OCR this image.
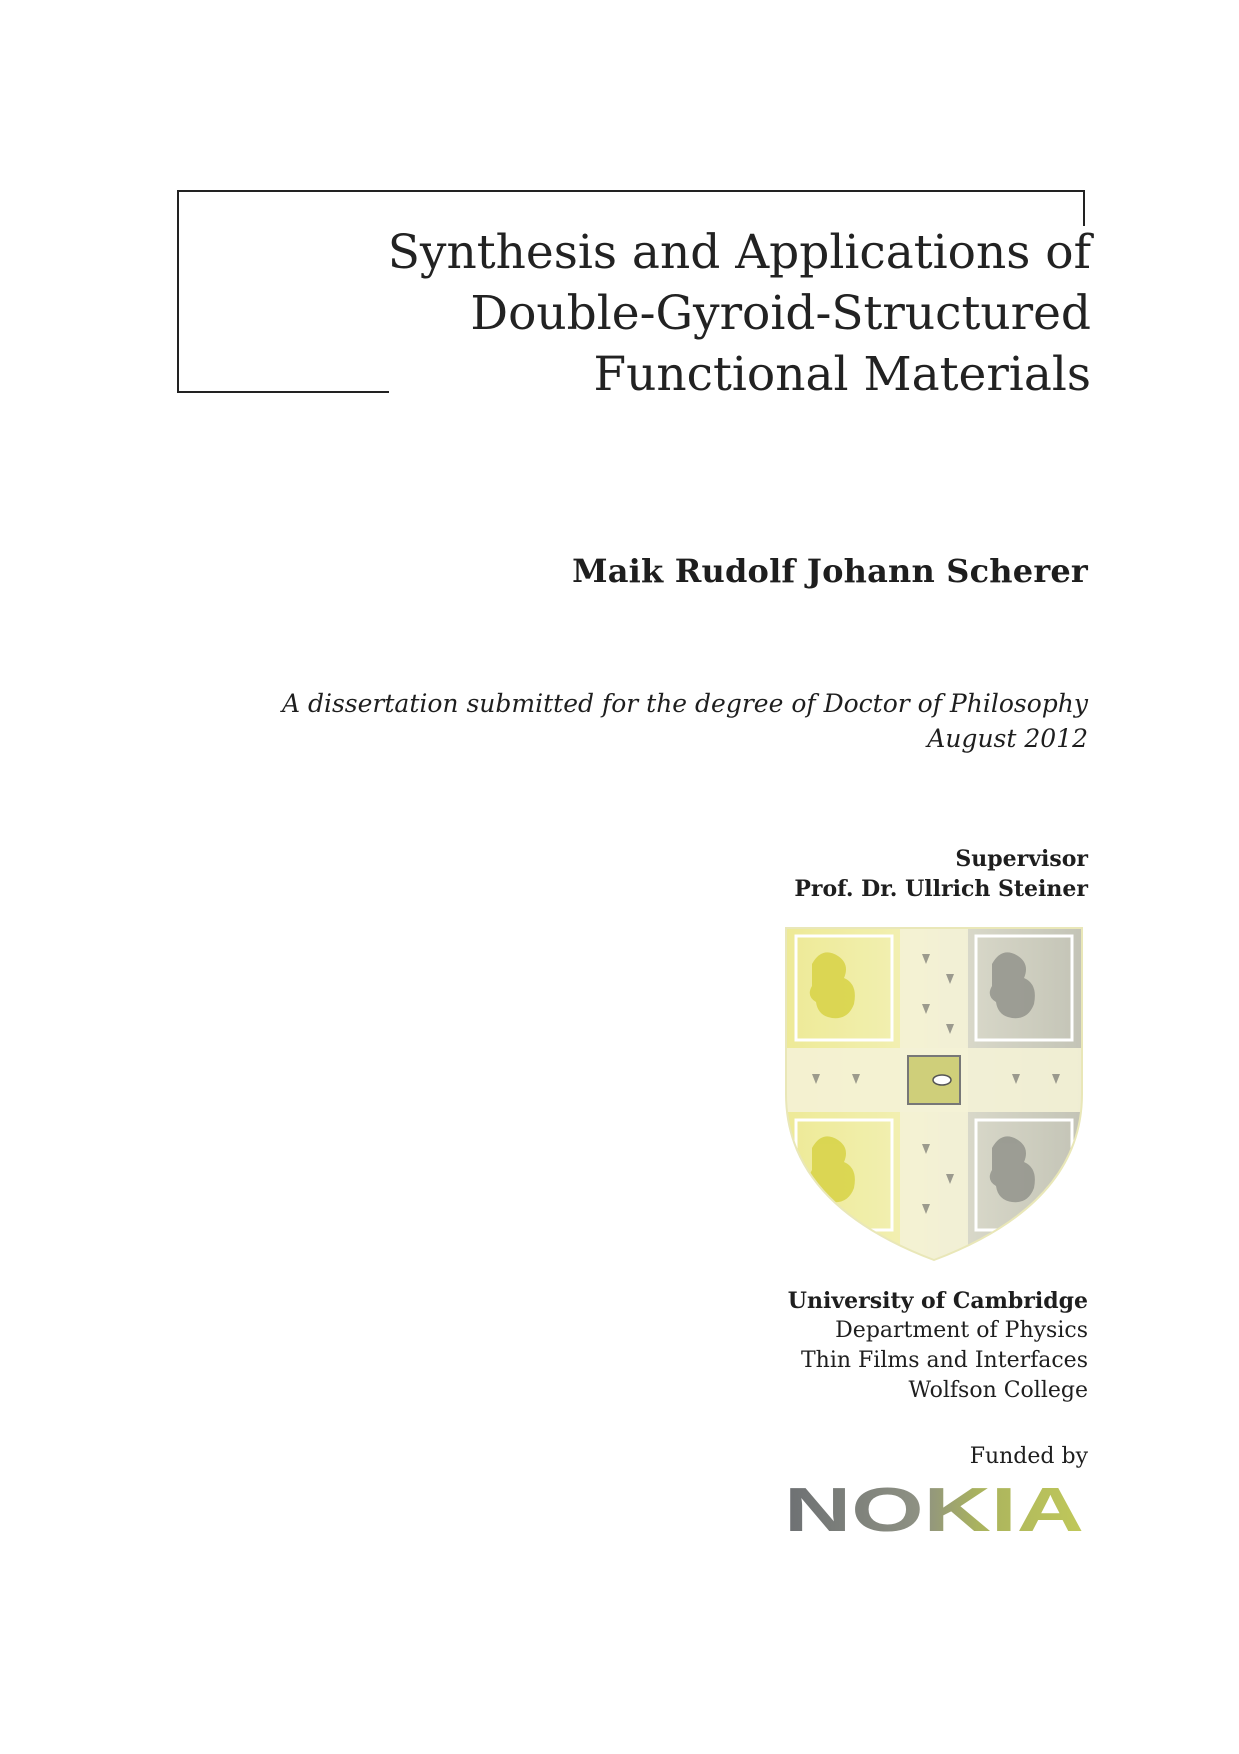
Synthesis and Applications of
Double-Gyroid-Structured
Functional Materials
Maik Rudolf Johann Scherer
A dissertation submitted for the degree of Doctor of Philosophy
August 2012
Supervisor
Prof. Dr. Ullrich Steiner
University of Cambridge
Department of Physics
Thin Films and Interfaces
Wolfson College
Funded by
NOKIA
